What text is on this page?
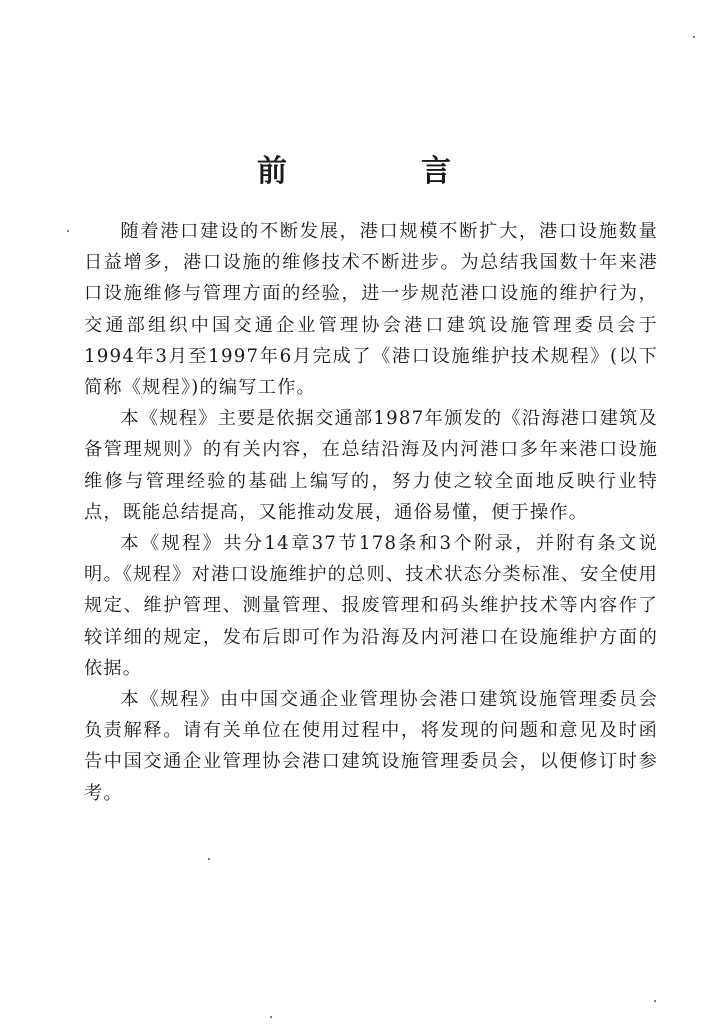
前　言

随着港口建设的不断发展，港口规模不断扩大，港口设施数量日益增多，港口设施的维修技术不断进步。为总结我国数十年来港口设施维修与管理方面的经验，进一步规范港口设施的维护行为，交通部组织中国交通企业管理协会港口建筑设施管理委员会于1994年3月至1997年6月完成了《港口设施维护技术规程》(以下简称《规程》)的编写工作。

本《规程》主要是依据交通部1987年颁发的《沿海港口建筑及备管理规则》的有关内容，在总结沿海及内河港口多年来港口设施维修与管理经验的基础上编写的，努力使之较全面地反映行业特点，既能总结提高，又能推动发展，通俗易懂，便于操作。

本《规程》共分14章37节178条和3个附录，并附有条文说明。《规程》对港口设施维护的总则、技术状态分类标准、安全使用规定、维护管理、测量管理、报废管理和码头维护技术等内容作了较详细的规定，发布后即可作为沿海及内河港口在设施维护方面的依据。

本《规程》由中国交通企业管理协会港口建筑设施管理委员会负责解释。请有关单位在使用过程中，将发现的问题和意见及时函告中国交通企业管理协会港口建筑设施管理委员会，以便修订时参考。
